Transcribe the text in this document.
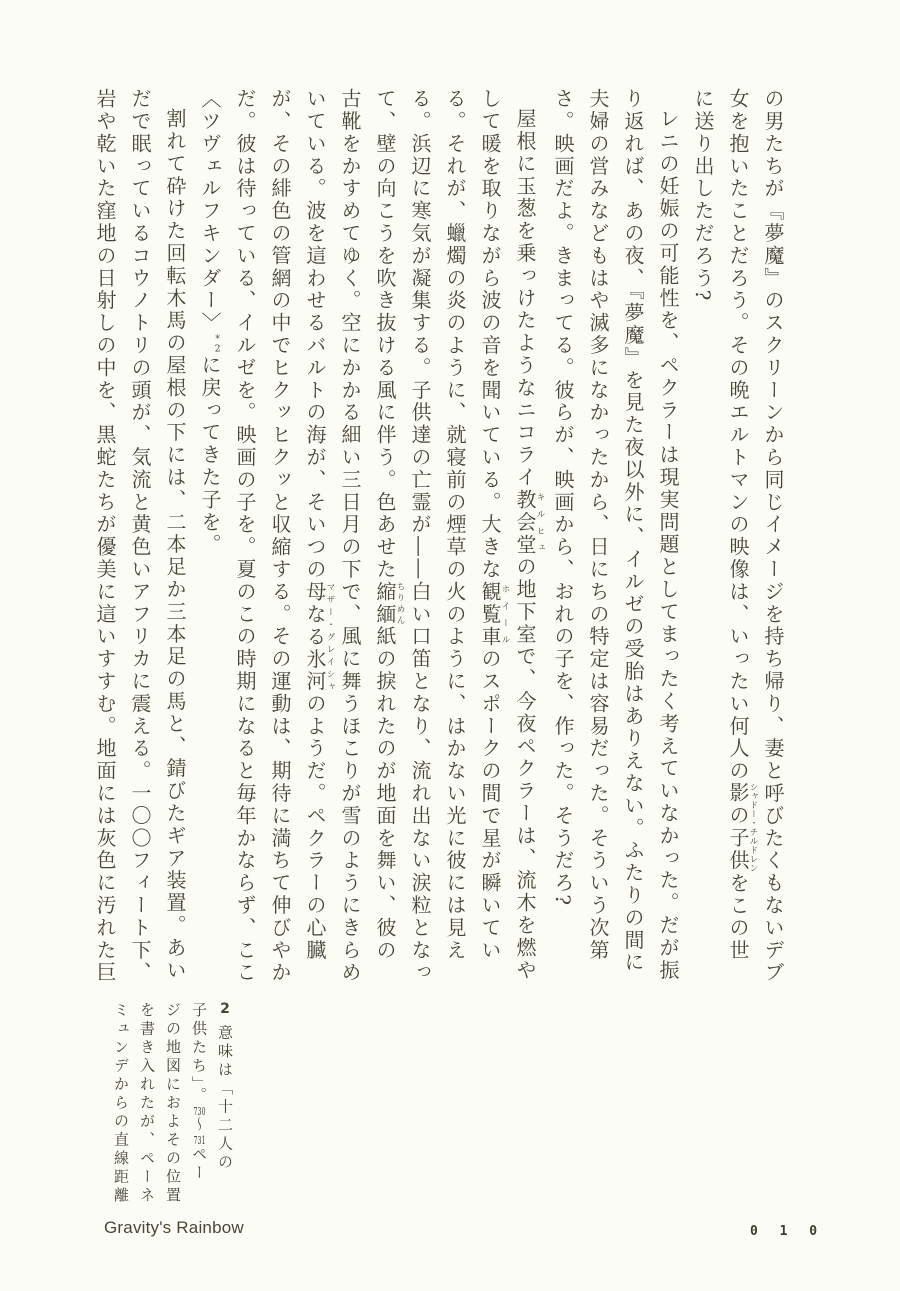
の男たちが『夢魔』のスクリーンから同じイメージを持ち帰り、妻と呼びたくもないデブ女を抱いたことだろう。その晩エルトマンの映像は、いったい何人の影の子供シャドー・チルドレンをこの世に送り出しただろう?

レニの妊娠の可能性を、ペクラーは現実問題としてまったく考えていなかった。だが振り返れば、あの夜、『夢魔』を見た夜以外に、イルゼの受胎はありえない。ふたりの間に夫婦の営みなどもはや滅多になかったから、日にちの特定は容易だった。そういう次第さ。映画だよ。きまってる。彼らが、映画から、おれの子を、作った。そうだろ?

屋根に玉葱を乗っけたようなニコライ教会堂キルヒェの地下室で、今夜ペクラーは、流木を燃やして暖を取りながら波の音を聞いている。大きな観覧車ホイールのスポークの間で星が瞬いている。それが、蠟燭の炎のように、就寝前の煙草の火のように、はかない光に彼には見える。浜辺に寒気が凝集する。子供達の亡霊が――白い口笛となり、流れ出ない涙粒となって、壁の向こうを吹き抜ける風に伴う。色あせた縮緬ちりめん紙の捩れたのが地面を舞い、彼の古靴をかすめてゆく。空にかかる細い三日月の下で、風に舞うほこりが雪のようにきらめいている。波を這わせるバルトの海が、そいつの母なる氷河マザー・グレイシャのようだ。ペクラーの心臓が、その緋色の管網の中でヒクッヒクッと収縮する。その運動は、期待に満ちて伸びやかだ。彼は待っている、イルゼを。映画の子を。夏のこの時期になると毎年かならず、ここ〈ツヴェルフキンダー〉$^{*2}$に戻ってきた子を。

割れて砕けた回転木馬の屋根の下には、二本足か三本足の馬と、錆びたギア装置。あいだで眠っているコウノトリの頭が、気流と黄色いアフリカに震える。一〇〇フィート下、岩や乾いた窪地の日射しの中を、黒蛇たちが優美に這いすすむ。地面には灰色に汚れた巨

2 意味は「十二人の

子供たち」。730〜731ペー

ジの地図におよその位置

を書き入れたが、ペーネ

ミュンデからの直線距離

Gravity's Rainbow	0 1 0
